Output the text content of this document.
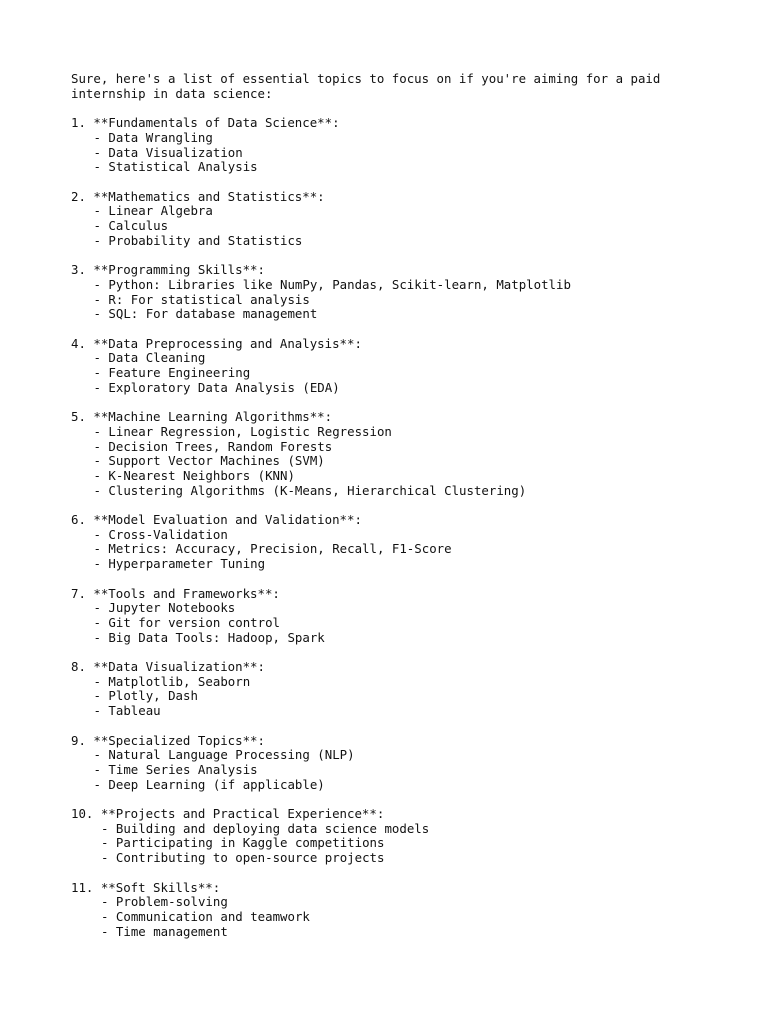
Sure, here's a list of essential topics to focus on if you're aiming for a paid
internship in data science:
1. **Fundamentals of Data Science**:
- Data Wrangling
- Data Visualization
- Statistical Analysis
2. **Mathematics and Statistics**:
- Linear Algebra
- Calculus
- Probability and Statistics
3. **Programming Skills**:
- Python: Libraries like NumPy, Pandas, Scikit-learn, Matplotlib
- R: For statistical analysis
- SQL: For database management
4. **Data Preprocessing and Analysis**:
- Data Cleaning
- Feature Engineering
- Exploratory Data Analysis (EDA)
5. **Machine Learning Algorithms**:
- Linear Regression, Logistic Regression
- Decision Trees, Random Forests
- Support Vector Machines (SVM)
- K-Nearest Neighbors (KNN)
- Clustering Algorithms (K-Means, Hierarchical Clustering)
6. **Model Evaluation and Validation**:
- Cross-Validation
- Metrics: Accuracy, Precision, Recall, F1-Score
- Hyperparameter Tuning
7. **Tools and Frameworks**:
- Jupyter Notebooks
- Git for version control
- Big Data Tools: Hadoop, Spark
8. **Data Visualization**:
- Matplotlib, Seaborn
- Plotly, Dash
- Tableau
9. **Specialized Topics**:
- Natural Language Processing (NLP)
- Time Series Analysis
- Deep Learning (if applicable)
10. **Projects and Practical Experience**:
- Building and deploying data science models
- Participating in Kaggle competitions
- Contributing to open-source projects
11. **Soft Skills**:
- Problem-solving
- Communication and teamwork
- Time management
